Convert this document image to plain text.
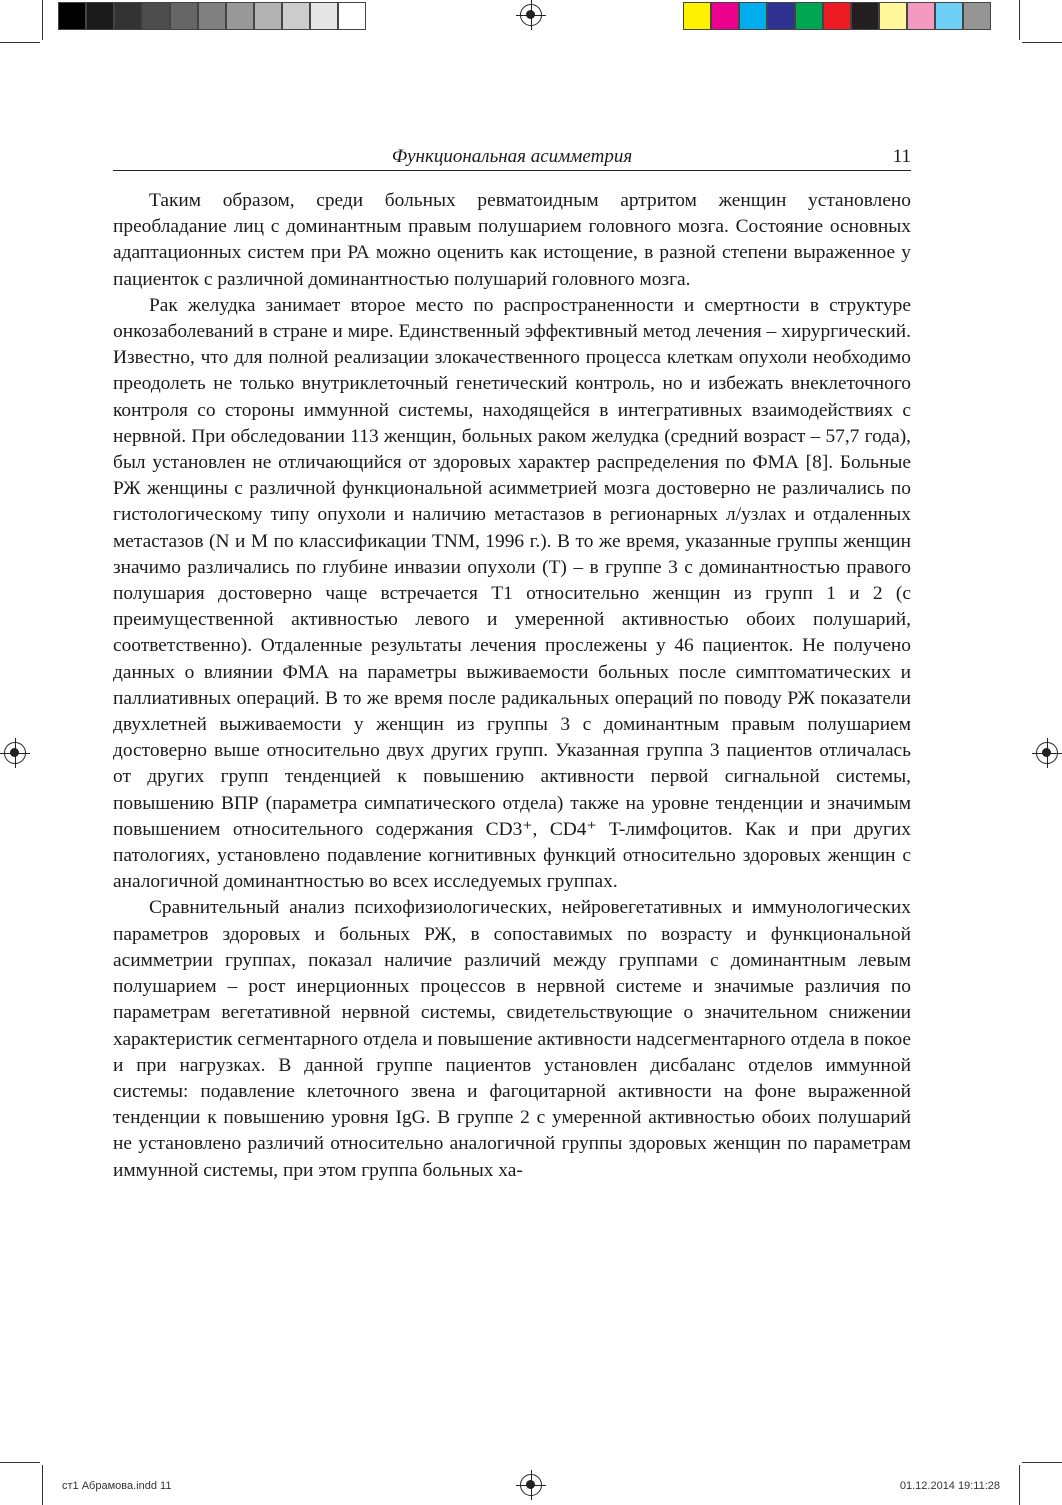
Функциональная асимметрия	11

Таким образом, среди больных ревматоидным артритом женщин установлено преобладание лиц с доминантным правым полушарием головного мозга. Состояние основных адаптационных систем при РА можно оценить как истощение, в разной степени выраженное у пациенток с различной доминантностью полушарий головного мозга.

Рак желудка занимает второе место по распространенности и смертности в структуре онкозаболеваний в стране и мире. Единственный эффективный метод лечения – хирургический. Известно, что для полной реализации злокачественного процесса клеткам опухоли необходимо преодолеть не только внутриклеточный генетический контроль, но и избежать внеклеточного контроля со стороны иммунной системы, находящейся в интегративных взаимодействиях с нервной. При обследовании 113 женщин, больных раком желудка (средний возраст – 57,7 года), был установлен не отличающийся от здоровых характер распределения по ФМА [8]. Больные РЖ женщины с различной функциональной асимметрией мозга достоверно не различались по гистологическому типу опухоли и наличию метастазов в регионарных л/узлах и отдаленных метастазов (N и M по классификации TNM, 1996 г.). В то же время, указанные группы женщин значимо различались по глубине инвазии опухоли (T) – в группе 3 с доминантностью правого полушария достоверно чаще встречается T1 относительно женщин из групп 1 и 2 (с преимущественной активностью левого и умеренной активностью обоих полушарий, соответственно). Отдаленные результаты лечения прослежены у 46 пациенток. Не получено данных о влиянии ФМА на параметры выживаемости больных после симптоматических и паллиативных операций. В то же время после радикальных операций по поводу РЖ показатели двухлетней выживаемости у женщин из группы 3 с доминантным правым полушарием достоверно выше относительно двух других групп. Указанная группа 3 пациентов отличалась от других групп тенденцией к повышению активности первой сигнальной системы, повышению ВПР (параметра симпатического отдела) также на уровне тенденции и значимым повышением относительного содержания CD3⁺, CD4⁺ T-лимфоцитов. Как и при других патологиях, установлено подавление когнитивных функций относительно здоровых женщин с аналогичной доминантностью во всех исследуемых группах.

Сравнительный анализ психофизиологических, нейровегетативных и иммунологических параметров здоровых и больных РЖ, в сопоставимых по возрасту и функциональной асимметрии группах, показал наличие различий между группами с доминантным левым полушарием – рост инерционных процессов в нервной системе и значимые различия по параметрам вегетативной нервной системы, свидетельствующие о значительном снижении характеристик сегментарного отдела и повышение активности надсегментарного отдела в покое и при нагрузках. В данной группе пациентов установлен дисбаланс отделов иммунной системы: подавление клеточного звена и фагоцитарной активности на фоне выраженной тенденции к повышению уровня IgG. В группе 2 с умеренной активностью обоих полушарий не установлено различий относительно аналогичной группы здоровых женщин по параметрам иммунной системы, при этом группа больных ха-

ст1 Абрамова.indd 11	01.12.2014 19:11:28
